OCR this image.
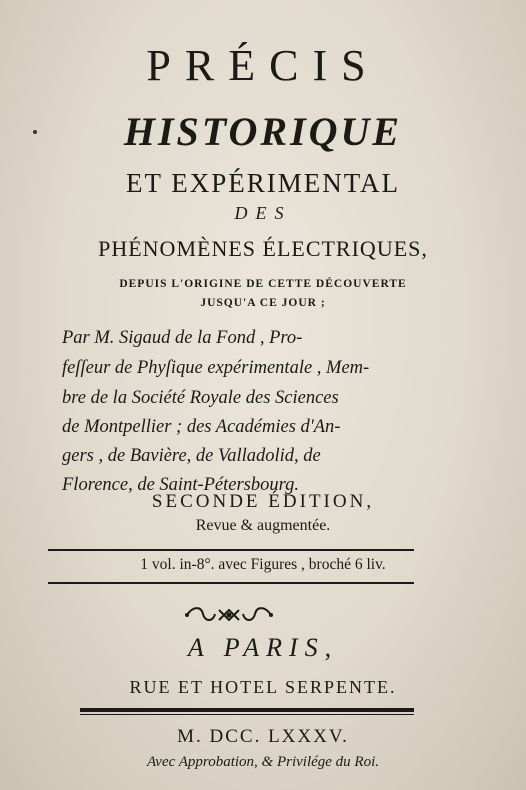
PRÉCIS
HISTORIQUE
ET EXPÉRIMENTAL
DES
PHÉNOMÈNES ÉLECTRIQUES,
DEPUIS L'ORIGINE DE CETTE DÉCOUVERTE
JUSQU'A CE JOUR ;
Par M. Sigaud de la Fond , Pro-
feſſeur de Phyſique expérimentale , Mem-
bre de la Société Royale des Sciences
de Montpellier ; des Académies d'An-
gers , de Bavière, de Valladolid, de
Florence, de Saint-Pétersbourg.
SECONDE ÉDITION,
Revue & augmentée.
1 vol. in-8°. avec Figures , broché 6 liv.
A PARIS,
RUE ET HOTEL SERPENTE.
M. DCC. LXXXV.
Avec Approbation, & Privilége du Roi.
